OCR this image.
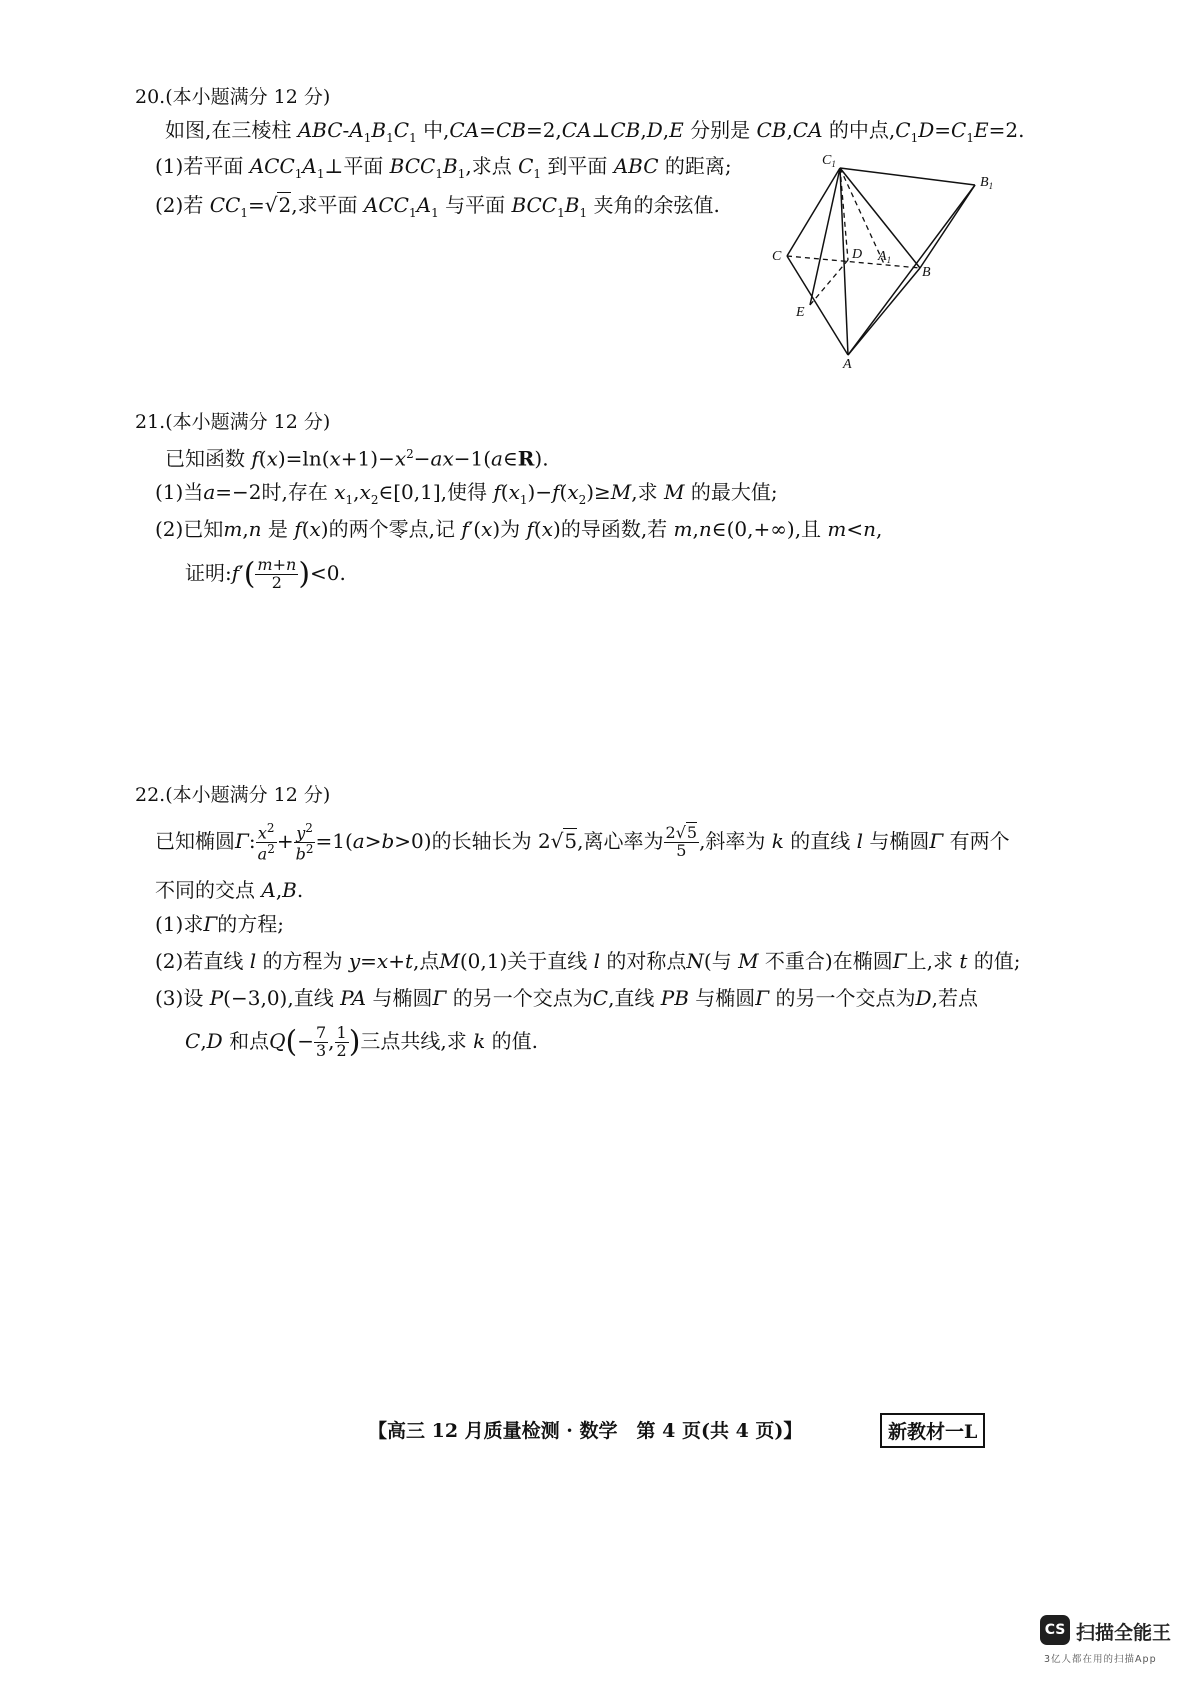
20.(本小题满分 12 分)
如图,在三棱柱 ABC-$A_1B_1C_1$ 中,CA=CB=2,CA⊥CB,D,E 分别是 CB,CA 的中点$,C_1D=C_1E=2$.
(1)若平面 $ACC_1A_1\perp$平面 $BCC_1B_1$,求点 $C_1$ 到平面 ABC 的距离;
(2)若 $CC_1=√2$,求平面 $ACC_1A_1$ 与平面 $BCC_1B_1$ 夹角的余弦值.
$C_1$
$B_1$
C	D $A_1$
B
E
A
21.(本小题满分 12 分)
已知函数 $f(x)=\ln(x+1)-x^2-ax-1(a\in R)$.
(1)当a=−2时,存在 $x_1,x_2\in[0,1]$,使得 $f(x_1)-f(x_2)\ge M$,求 M 的最大值;
(2)已知m,n 是 f(x)的两个零点,记 f′(x)为 f(x)的导函数,若 m,n∈(0,+∞),且 m<n,
证明:f′( $\frac{m+n}{2} )<0$.
22.(本小题满分 12 分)
已知椭圆Γ: $\frac{x^2}{a^2} + \frac{y^2}{b^2} =1(a>b>0)$的长轴长为 2√5,离心率为 $\frac{2√5}{5}$ ,斜率为 k 的直线 l 与椭圆Γ 有两个
不同的交点 A,B.
(1)求Γ的方程;
(2)若直线 l 的方程为 y=x+t,点M(0,1)关于直线 l 的对称点N(与 M 不重合)在椭圆Γ上,求 t 的值;
(3)设 P(−3,0),直线 PA 与椭圆Γ 的另一个交点为C,直线 PB 与椭圆Γ 的另一个交点为D,若点
C,D 和点$Q(- \frac{7}{3}$ , $\frac{1}{2}$ )三点共线,求 k 的值.
【高三 12 月质量检测 · 数学　第 4 页(共 4 页)】	新教材一L
CS 扫描全能王
3亿人都在用的扫描App
